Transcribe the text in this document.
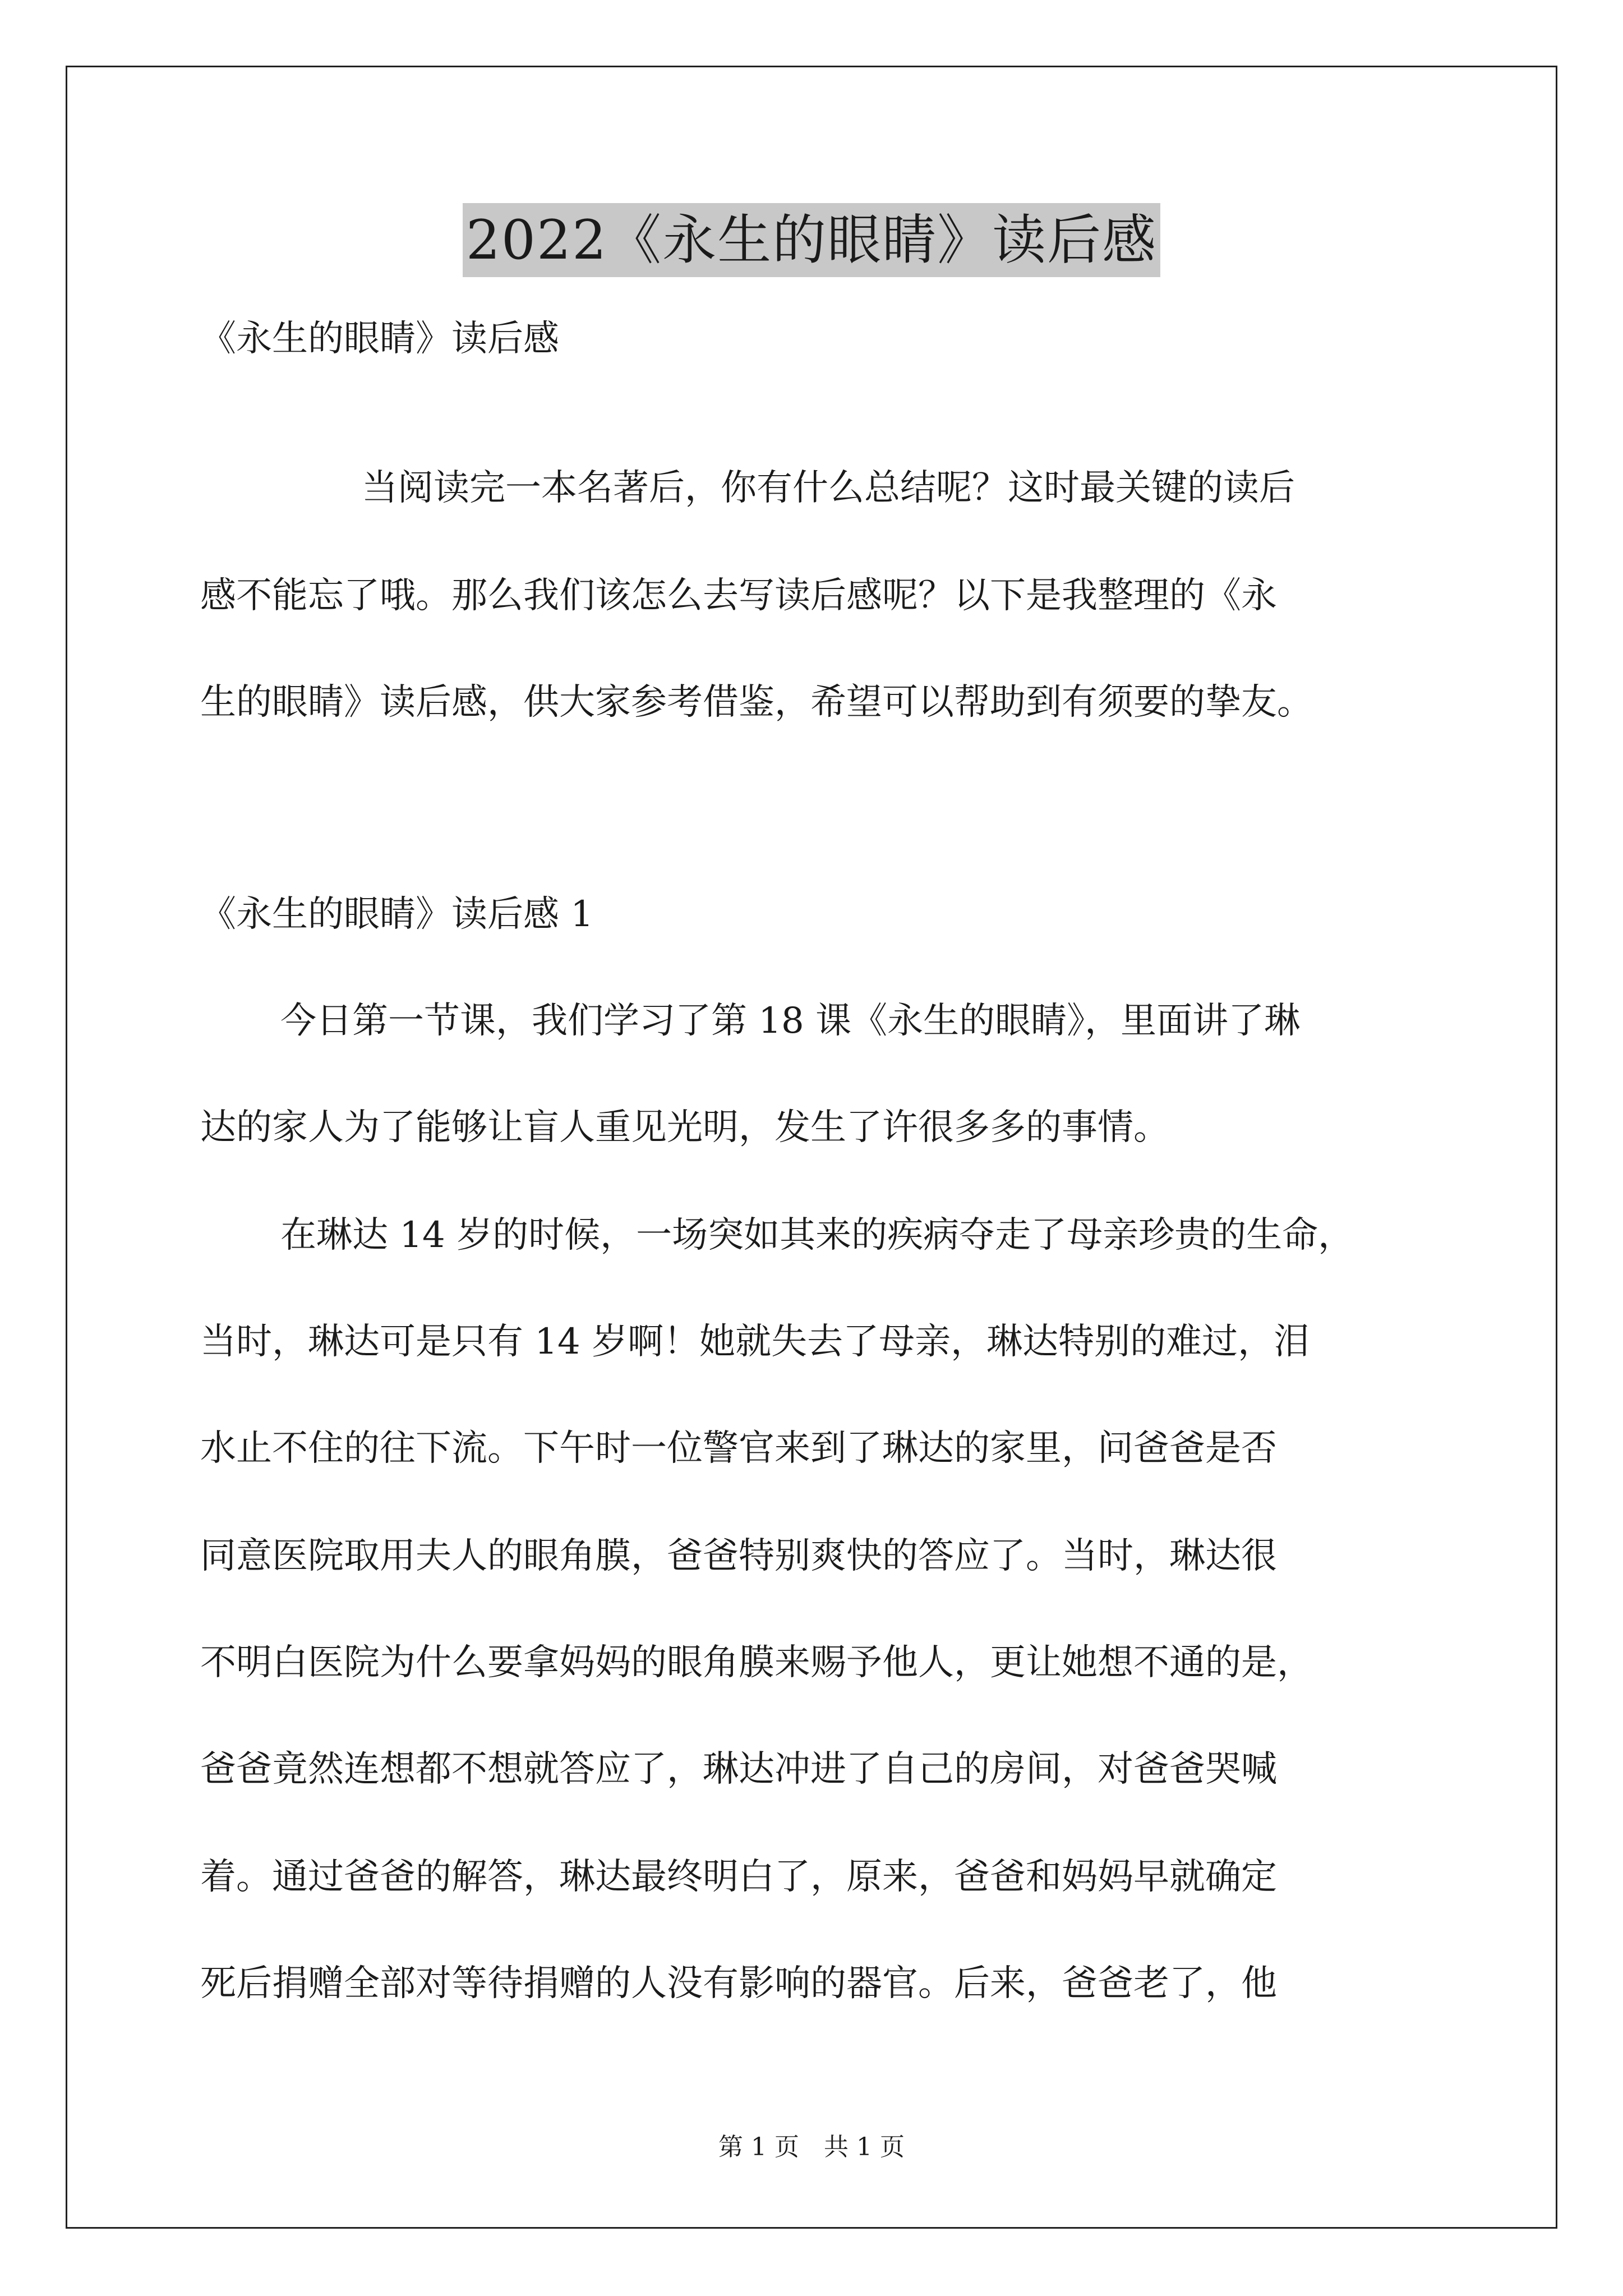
2022《永生的眼睛》读后感
《永生的眼睛》读后感
当阅读完一本名著后，你有什么总结呢？这时最关键的读后
感不能忘了哦。那么我们该怎么去写读后感呢？以下是我整理的《永
生的眼睛》读后感，供大家参考借鉴，希望可以帮助到有须要的挚友。
《永生的眼睛》读后感 1
今日第一节课，我们学习了第 18 课《永生的眼睛》，里面讲了琳
达的家人为了能够让盲人重见光明，发生了许很多多的事情。
在琳达 14 岁的时候，一场突如其来的疾病夺走了母亲珍贵的生命，
当时，琳达可是只有 14 岁啊！她就失去了母亲，琳达特别的难过，泪
水止不住的往下流。下午时一位警官来到了琳达的家里，问爸爸是否
同意医院取用夫人的眼角膜，爸爸特别爽快的答应了。当时，琳达很
不明白医院为什么要拿妈妈的眼角膜来赐予他人，更让她想不通的是，
爸爸竟然连想都不想就答应了，琳达冲进了自己的房间，对爸爸哭喊
着。通过爸爸的解答，琳达最终明白了，原来，爸爸和妈妈早就确定
死后捐赠全部对等待捐赠的人没有影响的器官。后来，爸爸老了，他
第 1 页　共 1 页
